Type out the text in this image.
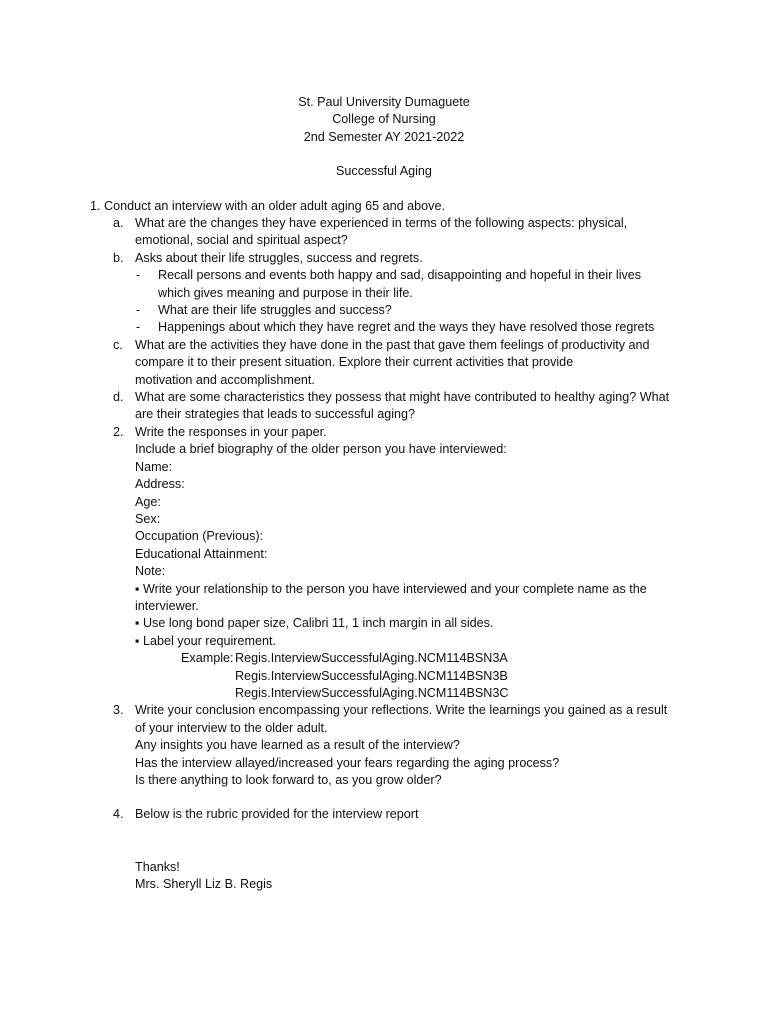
St. Paul University Dumaguete
College of Nursing
2nd Semester AY 2021-2022
Successful Aging
1. Conduct an interview with an older adult aging 65 and above.
a. What are the changes they have experienced in terms of the following aspects: physical,
emotional, social and spiritual aspect?
b. Asks about their life struggles, success and regrets.
- Recall persons and events both happy and sad, disappointing and hopeful in their lives
which gives meaning and purpose in their life.
- What are their life struggles and success?
- Happenings about which they have regret and the ways they have resolved those regrets
c. What are the activities they have done in the past that gave them feelings of productivity and
compare it to their present situation. Explore their current activities that provide
motivation and accomplishment.
d. What are some characteristics they possess that might have contributed to healthy aging? What
are their strategies that leads to successful aging?
2. Write the responses in your paper.
Include a brief biography of the older person you have interviewed:
Name:
Address:
Age:
Sex:
Occupation (Previous):
Educational Attainment:
Note:
▪ Write your relationship to the person you have interviewed and your complete name as the
interviewer.
▪ Use long bond paper size, Calibri 11, 1 inch margin in all sides.
▪ Label your requirement.
Example: Regis.InterviewSuccessfulAging.NCM114BSN3A
Regis.InterviewSuccessfulAging.NCM114BSN3B
Regis.InterviewSuccessfulAging.NCM114BSN3C
3. Write your conclusion encompassing your reflections. Write the learnings you gained as a result
of your interview to the older adult.
Any insights you have learned as a result of the interview?
Has the interview allayed/increased your fears regarding the aging process?
Is there anything to look forward to, as you grow older?
4. Below is the rubric provided for the interview report
Thanks!
Mrs. Sheryll Liz B. Regis
